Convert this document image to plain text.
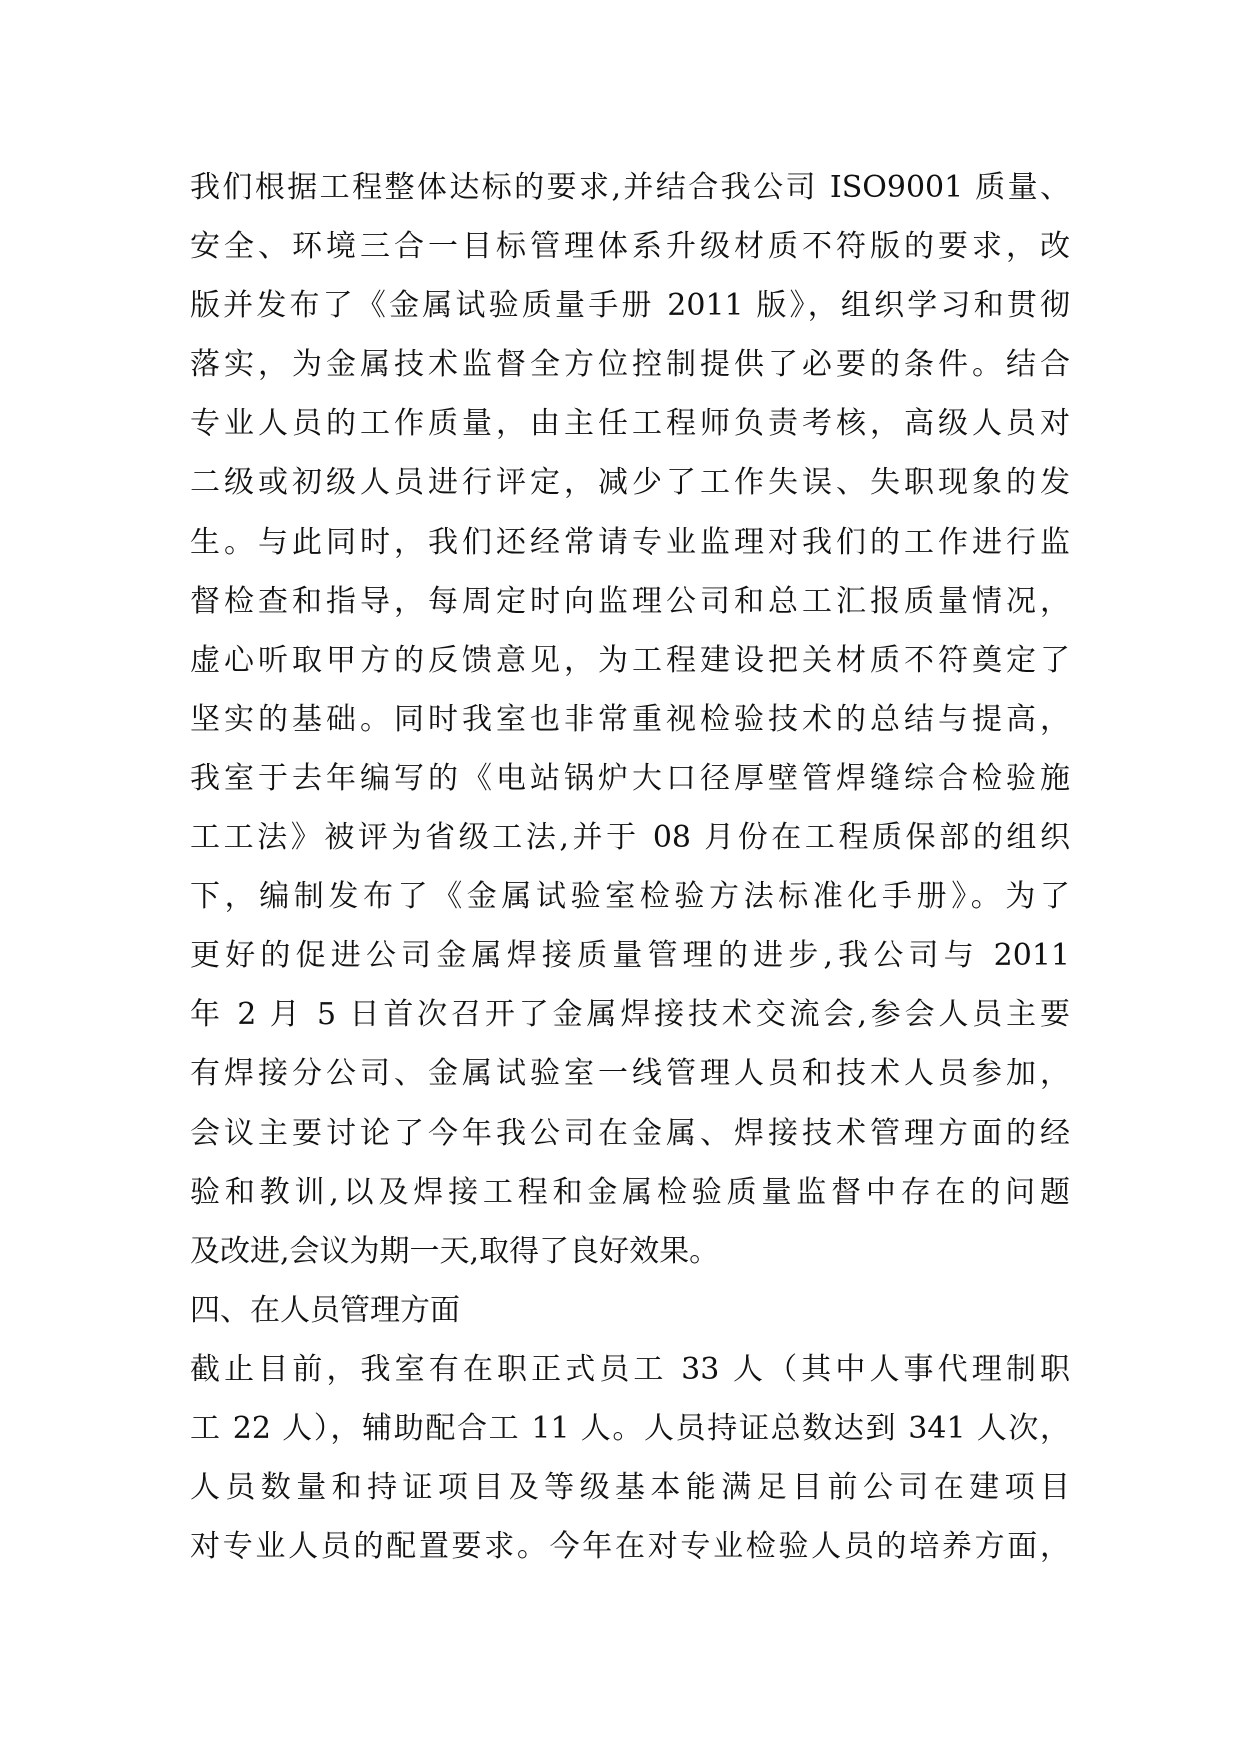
我们根据工程整体达标的要求,并结合我公司 ISO9001 质量、
安全、环境三合一目标管理体系升级材质不符版的要求，改
版并发布了《金属试验质量手册 2011 版》，组织学习和贯彻
落实，为金属技术监督全方位控制提供了必要的条件。结合
专业人员的工作质量，由主任工程师负责考核，高级人员对
二级或初级人员进行评定，减少了工作失误、失职现象的发
生。与此同时，我们还经常请专业监理对我们的工作进行监
督检查和指导，每周定时向监理公司和总工汇报质量情况，
虚心听取甲方的反馈意见，为工程建设把关材质不符奠定了
坚实的基础。同时我室也非常重视检验技术的总结与提高，
我室于去年编写的《电站锅炉大口径厚壁管焊缝综合检验施
工工法》被评为省级工法,并于 08 月份在工程质保部的组织
下，编制发布了《金属试验室检验方法标准化手册》。为了
更好的促进公司金属焊接质量管理的进步,我公司与 2011
年 2 月 5 日首次召开了金属焊接技术交流会,参会人员主要
有焊接分公司、金属试验室一线管理人员和技术人员参加，
会议主要讨论了今年我公司在金属、焊接技术管理方面的经
验和教训,以及焊接工程和金属检验质量监督中存在的问题
及改进,会议为期一天,取得了良好效果。
四、在人员管理方面
截止目前，我室有在职正式员工 33 人（其中人事代理制职
工 22 人），辅助配合工 11 人。人员持证总数达到 341 人次，
人员数量和持证项目及等级基本能满足目前公司在建项目
对专业人员的配置要求。今年在对专业检验人员的培养方面，
